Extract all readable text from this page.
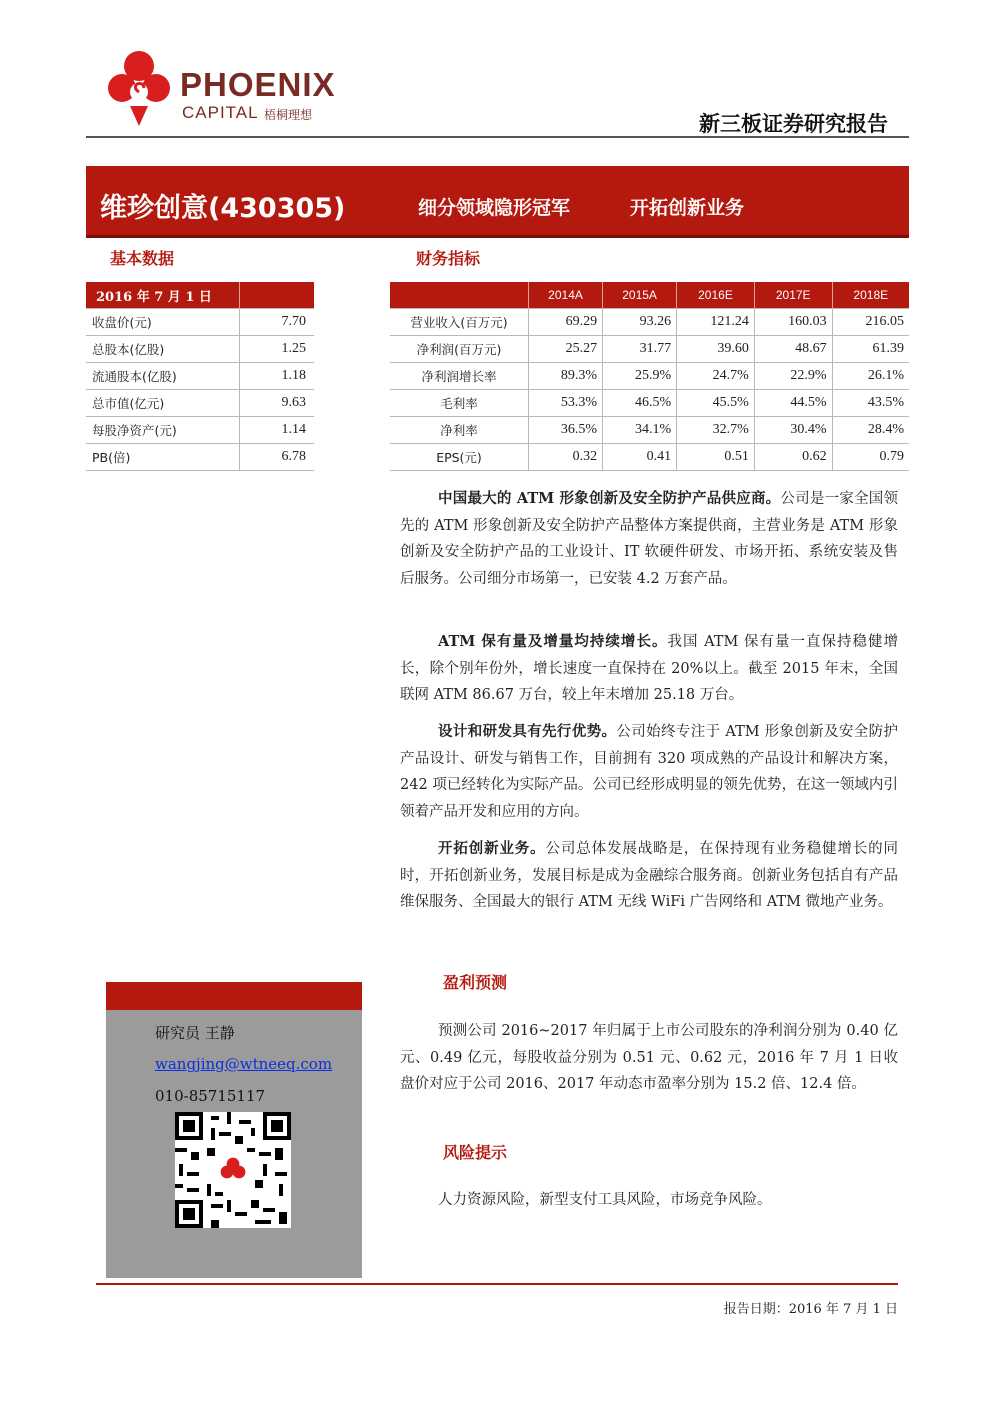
PHOENIX
CAPITAL 梧桐理想	新三板证券研究报告
维珍创意(430305)	细分领域隐形冠军	开拓创新业务
基本数据
2016 年 7 月 1 日	
收盘价(元)	7.70
总股本(亿股)	1.25
流通股本(亿股)	1.18
总市值(亿元)	9.63
每股净资产(元)	1.14
PB(倍)	6.78
财务指标
	2014A	2015A	2016E	2017E	2018E
营业收入(百万元)	69.29	93.26	121.24	160.03	216.05
净利润(百万元)	25.27	31.77	39.60	48.67	61.39
净利润增长率	89.3%	25.9%	24.7%	22.9%	26.1%
毛利率	53.3%	46.5%	45.5%	44.5%	43.5%
净利率	36.5%	34.1%	32.7%	30.4%	28.4%
EPS(元)	0.32	0.41	0.51	0.62	0.79
中国最大的 ATM 形象创新及安全防护产品供应商。公司是一家全国领先的 ATM 形象创新及安全防护产品整体方案提供商，主营业务是 ATM 形象创新及安全防护产品的工业设计、IT 软硬件研发、市场开拓、系统安装及售后服务。公司细分市场第一，已安装 4.2 万套产品。
ATM 保有量及增量均持续增长。我国 ATM 保有量一直保持稳健增长，除个别年份外，增长速度一直保持在 20%以上。截至 2015 年末，全国联网 ATM 86.67 万台，较上年末增加 25.18 万台。
设计和研发具有先行优势。公司始终专注于 ATM 形象创新及安全防护产品设计、研发与销售工作，目前拥有 320 项成熟的产品设计和解决方案，242 项已经转化为实际产品。公司已经形成明显的领先优势，在这一领域内引领着产品开发和应用的方向。
开拓创新业务。公司总体发展战略是，在保持现有业务稳健增长的同时，开拓创新业务，发展目标是成为金融综合服务商。创新业务包括自有产品维保服务、全国最大的银行 ATM 无线 WiFi 广告网络和 ATM 微地产业务。
盈利预测
预测公司 2016~2017 年归属于上市公司股东的净利润分别为 0.40 亿元、0.49 亿元，每股收益分别为 0.51 元、0.62 元，2016 年 7 月 1 日收盘价对应于公司 2016、2017 年动态市盈率分别为 15.2 倍、12.4 倍。
风险提示
人力资源风险，新型支付工具风险，市场竞争风险。
研究员 王静
wangjing@wtneeq.com
010-85715117
报告日期：2016 年 7 月 1 日
